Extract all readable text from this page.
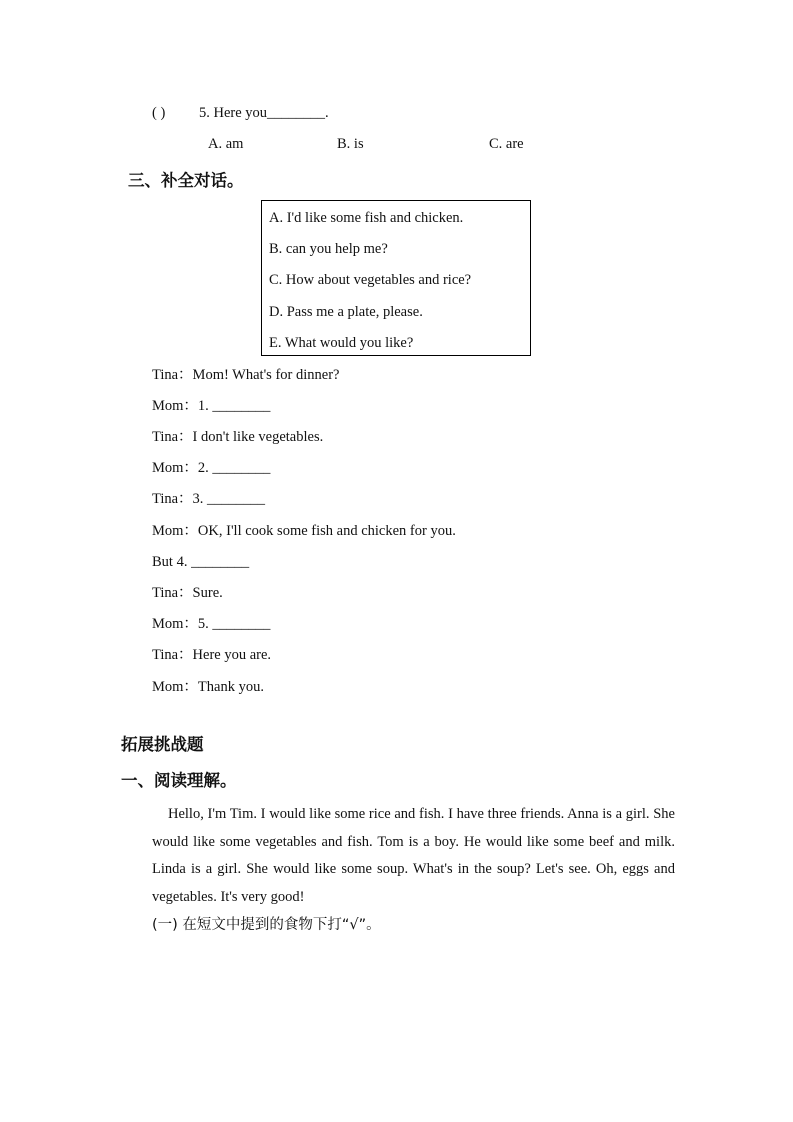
( ) 5. Here you________.
A. am	B. is	C. are
三、补全对话。
A. I'd like some fish and chicken.
B. can you help me?
C. How about vegetables and rice?
D. Pass me a plate, please.
E. What would you like?
Tina：Mom! What's for dinner?
Mom：1. ________
Tina：I don't like vegetables.
Mom：2. ________
Tina：3. ________
Mom：OK, I'll cook some fish and chicken for you.
But 4. ________
Tina：Sure.
Mom：5. ________
Tina：Here you are.
Mom：Thank you.
拓展挑战题
一、阅读理解。
Hello, I'm Tim. I would like some rice and fish. I have three friends. Anna is a girl. She would like some vegetables and fish. Tom is a boy. He would like some beef and milk. Linda is a girl. She would like some soup. What's in the soup? Let's see. Oh, eggs and vegetables. It's very good!
(一) 在短文中提到的食物下打“√”。
